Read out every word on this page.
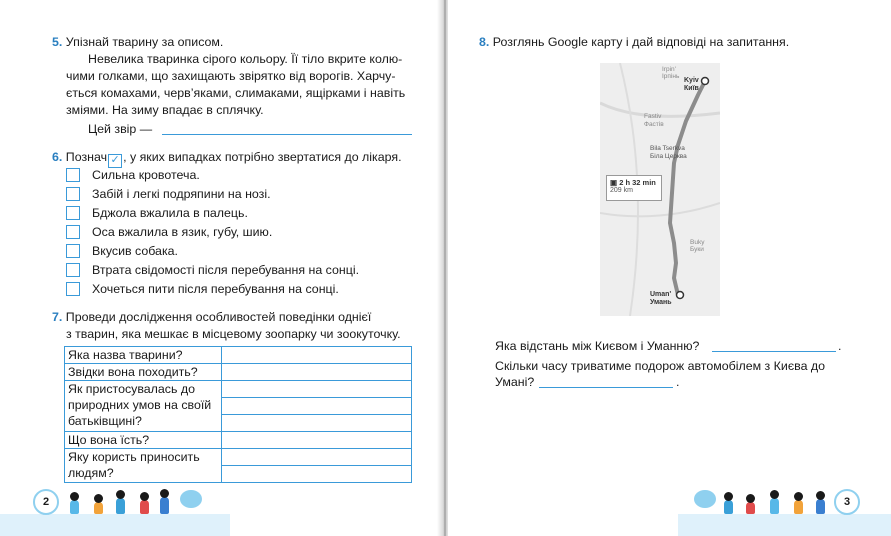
5. Упізнай тварину за описом.
Невелика тваринка сірого кольору. Її тіло вкрите колю-
чими голками, що захищають звірятко від ворогів. Харчу-
ється комахами, черв’яками, слимаками, ящірками і навіть
зміями. На зиму впадає в сплячку.
Цей звір —
6. Познач ✓ , у яких випадках потрібно звертатися до лікаря.
Сильна кровотеча.
Забій і легкі подряпини на нозі.
Бджола вжалила в палець.
Оса вжалила в язик, губу, шию.
Вкусив собака.
Втрата свідомості після перебування на сонці.
Хочеться пити після перебування на сонці.
7. Проведи дослідження особливостей поведінки однієї
з тварин, яка мешкає в місцевому зоопарку чи зоокуточку.
Яка назва тварини?	
Звідки вона походить?	

Як пристосувалась до
природних умов на своїй
батьківщині?	

Що вона їсть?	

Яку користь приносить
людям?	

2
8. Розглянь Google карту і дай відповіді на запитання.
Яка відстань між Києвом і Уманню?	.
Скільки часу триватиме подорож автомобілем з Києва до
Умані?	.
3
Irpin'
Ірпінь
Kyiv
Київ
Fastiv
Фастів
Bila Tserkva
Біла Церква
Buky
Буки
Uman'
Умань
▣ 2 h 32 min
209 km
